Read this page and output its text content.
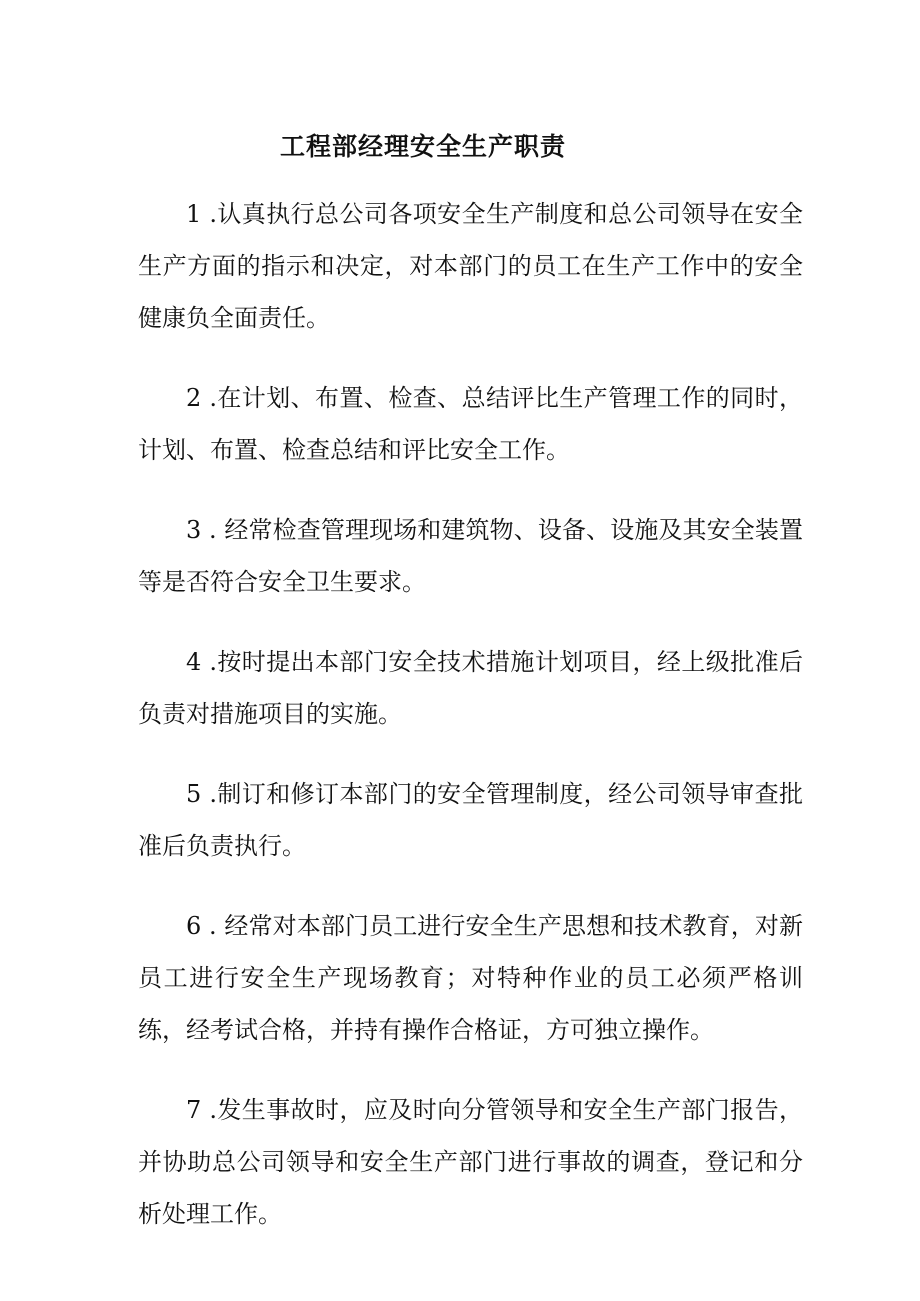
工程部经理安全生产职责

1 .认真执行总公司各项安全生产制度和总公司领导在安全生产方面的指示和决定，对本部门的员工在生产工作中的安全健康负全面责任。

2 .在计划、布置、检查、总结评比生产管理工作的同时，计划、布置、检查总结和评比安全工作。

3 . 经常检查管理现场和建筑物、设备、设施及其安全装置等是否符合安全卫生要求。

4 .按时提出本部门安全技术措施计划项目，经上级批准后负责对措施项目的实施。

5 .制订和修订本部门的安全管理制度，经公司领导审查批准后负责执行。

6 . 经常对本部门员工进行安全生产思想和技术教育，对新员工进行安全生产现场教育；对特种作业的员工必须严格训练，经考试合格，并持有操作合格证，方可独立操作。

7 .发生事故时，应及时向分管领导和安全生产部门报告，并协助总公司领导和安全生产部门进行事故的调查，登记和分析处理工作。
